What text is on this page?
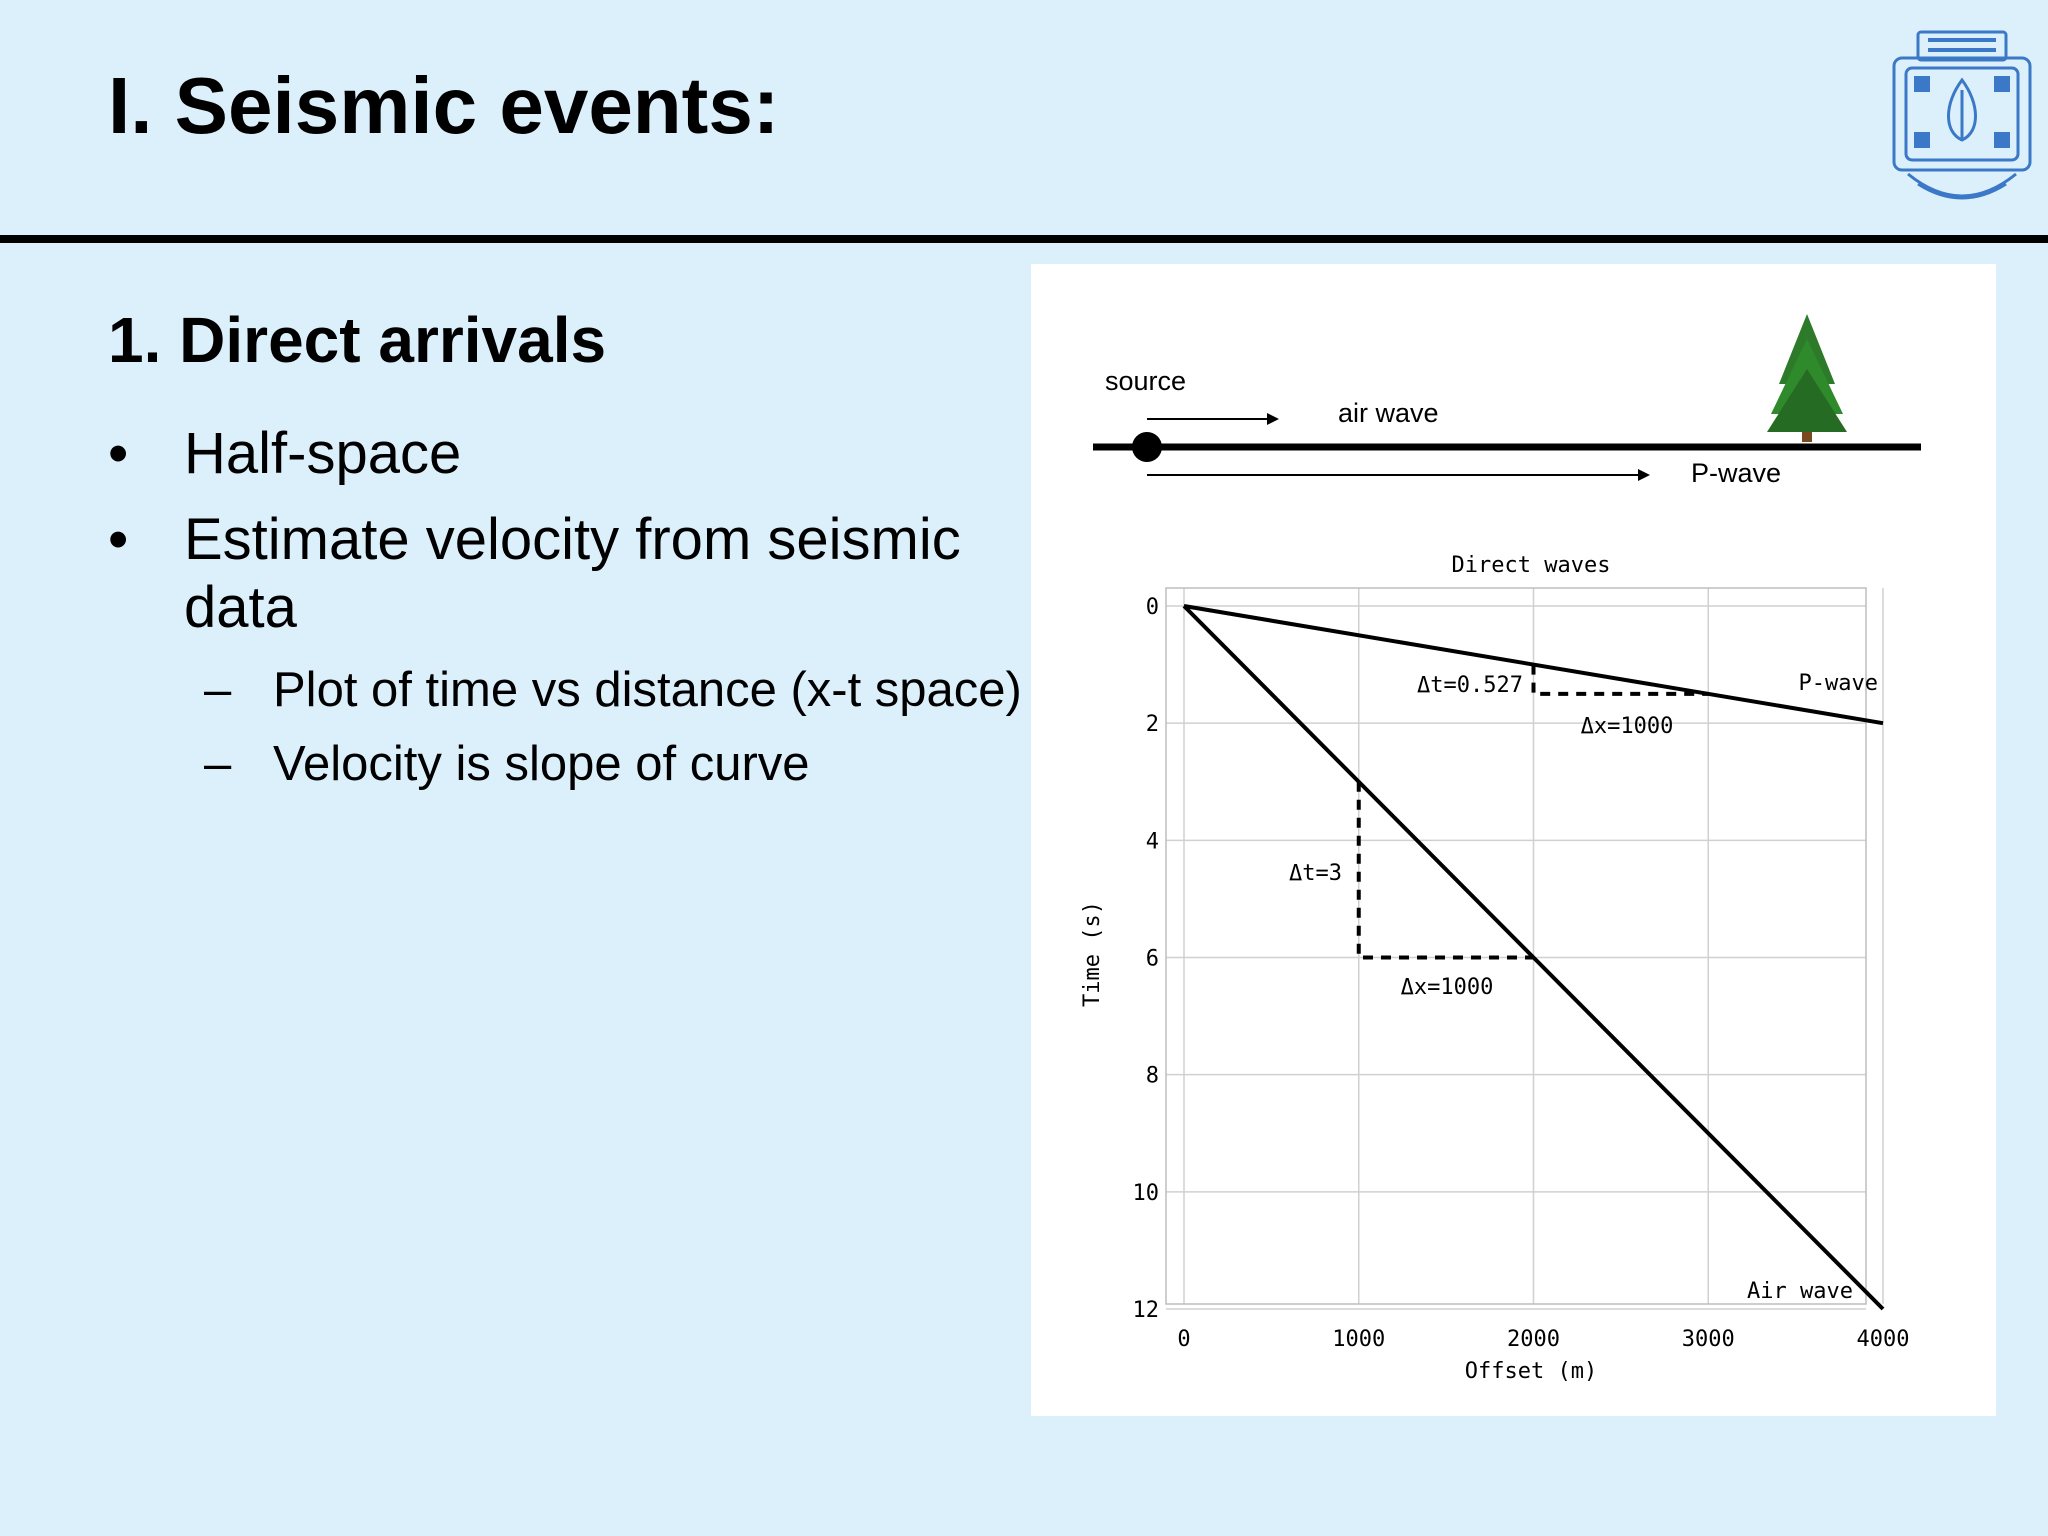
I. Seismic events:
1. Direct arrivals
• Half-space
• Estimate velocity from seismic data
– Plot of time vs distance (x-t space)
– Velocity is slope of curve
source
air wave
P-wave
Direct waves
0	1000	2000	3000	4000
0
2
4
6
8
10
12
Offset (m)
Time (s)
P-wave
Air wave
Δt=0.527
Δx=1000
Δt=3
Δx=1000
